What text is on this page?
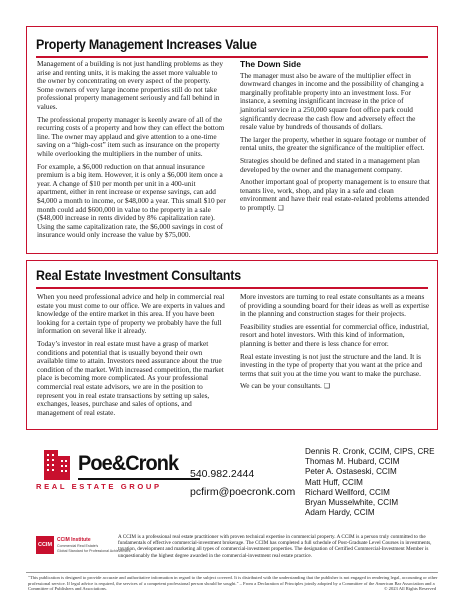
Property Management Increases Value

Management of a building is not just handling problems as they arise and renting units, it is making the asset more valuable to the owner by concentrating on every aspect of the property. Some owners of very large income properties still do not take professional property management seriously and fall behind in values.

The professional property manager is keenly aware of all of the recurring costs of a property and how they can effect the bottom line. The owner may applaud and give attention to a one-time saving on a “high-cost” item such as insurance on the property while overlooking the multipliers in the number of units.

For example, a $6,000 reduction on that annual insurance premium is a big item. However, it is only a $6,000 item once a year. A change of $10 per month per unit in a 400-unit apartment, either in rent increase or expense savings, can add $4,000 a month to income, or $48,000 a year. This small $10 per month could add $600,000 in value to the property in a sale ($48,000 increase in rents divided by 8% capitalization rate). Using the same capitalization rate, the $6,000 savings in cost of insurance would only increase the value by $75,000.

The Down Side

The manager must also be aware of the multiplier effect in downward changes in income and the possibility of changing a marginally profitable property into an investment loss. For instance, a seeming insignificant increase in the price of janitorial service in a 250,000 square foot office park could significantly decrease the cash flow and adversely effect the resale value by hundreds of thousands of dollars.

The larger the property, whether in square footage or number of rental units, the greater the significance of the multiplier effect.

Strategies should be defined and stated in a management plan developed by the owner and the management company.

Another important goal of property management is to ensure that tenants live, work, shop, and play in a safe and clean environment and have their real estate-related problems attended to promptly. ❏

Real Estate Investment Consultants

When you need professional advice and help in commercial real estate you must come to our office. We are experts in values and knowledge of the entire market in this area. If you have been looking for a certain type of property we probably have the full information on several like it already.

Today’s investor in real estate must have a grasp of market conditions and potential that is usually beyond their own available time to attain. Investors need assurance about the true condition of the market. With increased competition, the market place is becoming more complicated. As your professional commercial real estate advisors, we are in the position to represent you in real estate transactions by setting up sales, exchanges, leases, purchase and sales of options, and management of real estate.

More investors are turning to real estate consultants as a means of providing a sounding board for their ideas as well as expertise in the planning and construction stages for their projects.

Feasibility studies are essential for commercial office, industrial, resort and hotel investors. With this kind of information, planning is better and there is less chance for error.

Real estate investing is not just the structure and the land. It is investing in the type of property that you want at the price and terms that suit you at the time you want to make the purchase.

We can be your consultants. ❏

Poe&Cronk
REAL ESTATE GROUP
540.982.2444
pcfirm@poecronk.com
Dennis R. Cronk, CCIM, CIPS, CRE
Thomas M. Hubard, CCIM
Peter A. Ostaseski, CCIM
Matt Huff, CCIM
Richard Wellford, CCIM
Bryan Musselwhite, CCIM
Adam Hardy, CCIM
CCIM
CCIM Institute
Commercial Real Estate's
Global Standard for Professional Achievement
A CCIM is a professional real estate practitioner with proven technical expertise in commercial property. A CCIM is a person truly committed to the fundamentals of effective commercial-investment brokerage. The CCIM has completed a full schedule of Post-Graduate Level Courses in investments, taxation, development and marketing all types of commercial-investment properties. The designation of Certified Commercial-Investment Member is unquestionably the highest degree awarded in the commercial-investment real estate practice.
"This publication is designed to provide accurate and authoritative information in regard to the subject covered. It is distributed with the understanding that the publisher is not engaged in rendering legal, accounting or other professional service. If legal advice is required, the services of a competent professional person should be sought." – From a Declaration of Principles jointly adopted by a Committee of the American Bar Association and a Committee of Publishers and Associations.	© 2023 All Rights Reserved
